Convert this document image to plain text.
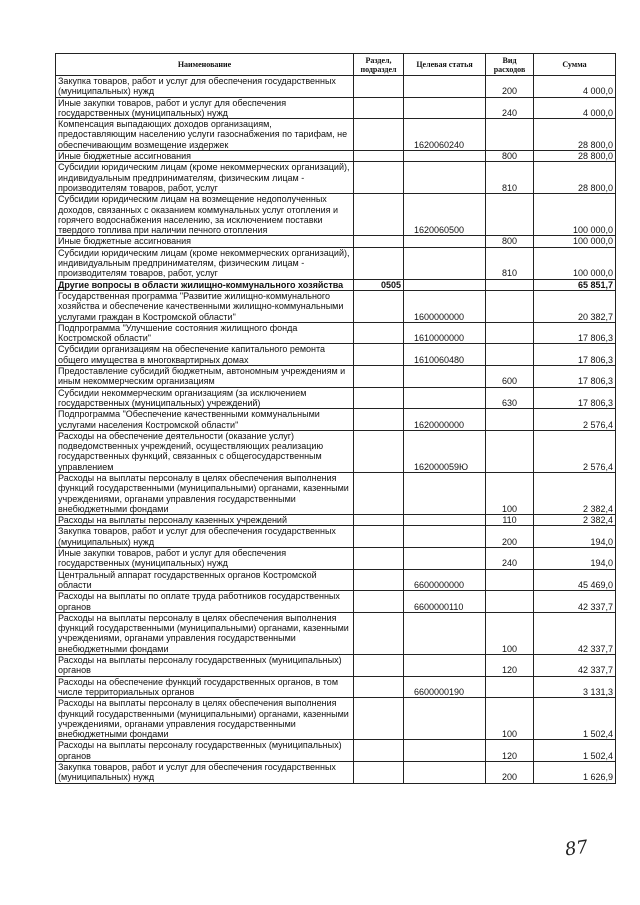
Наименование	Раздел, подраздел	Целевая статья	Вид расходов	Сумма
Закупка товаров, работ и услуг для обеспечения государственных (муниципальных) нужд			200	4 000,0
Иные закупки товаров, работ и услуг для обеспечения государственных (муниципальных) нужд			240	4 000,0
Компенсация выпадающих доходов организациям, предоставляющим населению услуги газоснабжения по тарифам, не обеспечивающим возмещение издержек		1620060240		28 800,0
Иные бюджетные ассигнования			800	28 800,0
Субсидии юридическим лицам (кроме некоммерческих организаций), индивидуальным предпринимателям, физическим лицам - производителям товаров, работ, услуг			810	28 800,0
Субсидии юридическим лицам на возмещение недополученных доходов, связанных с оказанием коммунальных услуг отопления и горячего водоснабжения населению, за исключением поставки твердого топлива при наличии печного отопления		1620060500		100 000,0
Иные бюджетные ассигнования			800	100 000,0
Субсидии юридическим лицам (кроме некоммерческих организаций), индивидуальным предпринимателям, физическим лицам - производителям товаров, работ, услуг			810	100 000,0
Другие вопросы в области жилищно-коммунального хозяйства	0505			65 851,7
Государственная программа "Развитие жилищно-коммунального хозяйства и обеспечение качественными жилищно-коммунальными услугами граждан в Костромской области"		1600000000		20 382,7
Подпрограмма "Улучшение состояния жилищного фонда Костромской области"		1610000000		17 806,3
Субсидии организациям на обеспечение капитального ремонта общего имущества в многоквартирных домах		1610060480		17 806,3
Предоставление субсидий бюджетным, автономным учреждениям и иным некоммерческим организациям			600	17 806,3
Субсидии некоммерческим организациям (за исключением государственных (муниципальных) учреждений)			630	17 806,3
Подпрограмма "Обеспечение качественными коммунальными услугами населения Костромской области"		1620000000		2 576,4
Расходы на обеспечение деятельности (оказание услуг) подведомственных учреждений, осуществляющих реализацию государственных функций, связанных с общегосударственным управлением		162000059Ю		2 576,4
Расходы на выплаты персоналу в целях обеспечения выполнения функций государственными (муниципальными) органами, казенными учреждениями, органами управления государственными внебюджетными фондами			100	2 382,4
Расходы на выплаты персоналу казенных учреждений			110	2 382,4
Закупка товаров, работ и услуг для обеспечения государственных (муниципальных) нужд			200	194,0
Иные закупки товаров, работ и услуг для обеспечения государственных (муниципальных) нужд			240	194,0
Центральный аппарат государственных органов Костромской области		6600000000		45 469,0
Расходы на выплаты по оплате труда работников государственных органов		6600000110		42 337,7
Расходы на выплаты персоналу в целях обеспечения выполнения функций государственными (муниципальными) органами, казенными учреждениями, органами управления государственными внебюджетными фондами			100	42 337,7
Расходы на выплаты персоналу государственных (муниципальных) органов			120	42 337,7
Расходы на обеспечение функций государственных органов, в том числе территориальных органов		6600000190		3 131,3
Расходы на выплаты персоналу в целях обеспечения выполнения функций государственными (муниципальными) органами, казенными учреждениями, органами управления государственными внебюджетными фондами			100	1 502,4
Расходы на выплаты персоналу государственных (муниципальных) органов			120	1 502,4
Закупка товаров, работ и услуг для обеспечения государственных (муниципальных) нужд			200	1 626,9
87
